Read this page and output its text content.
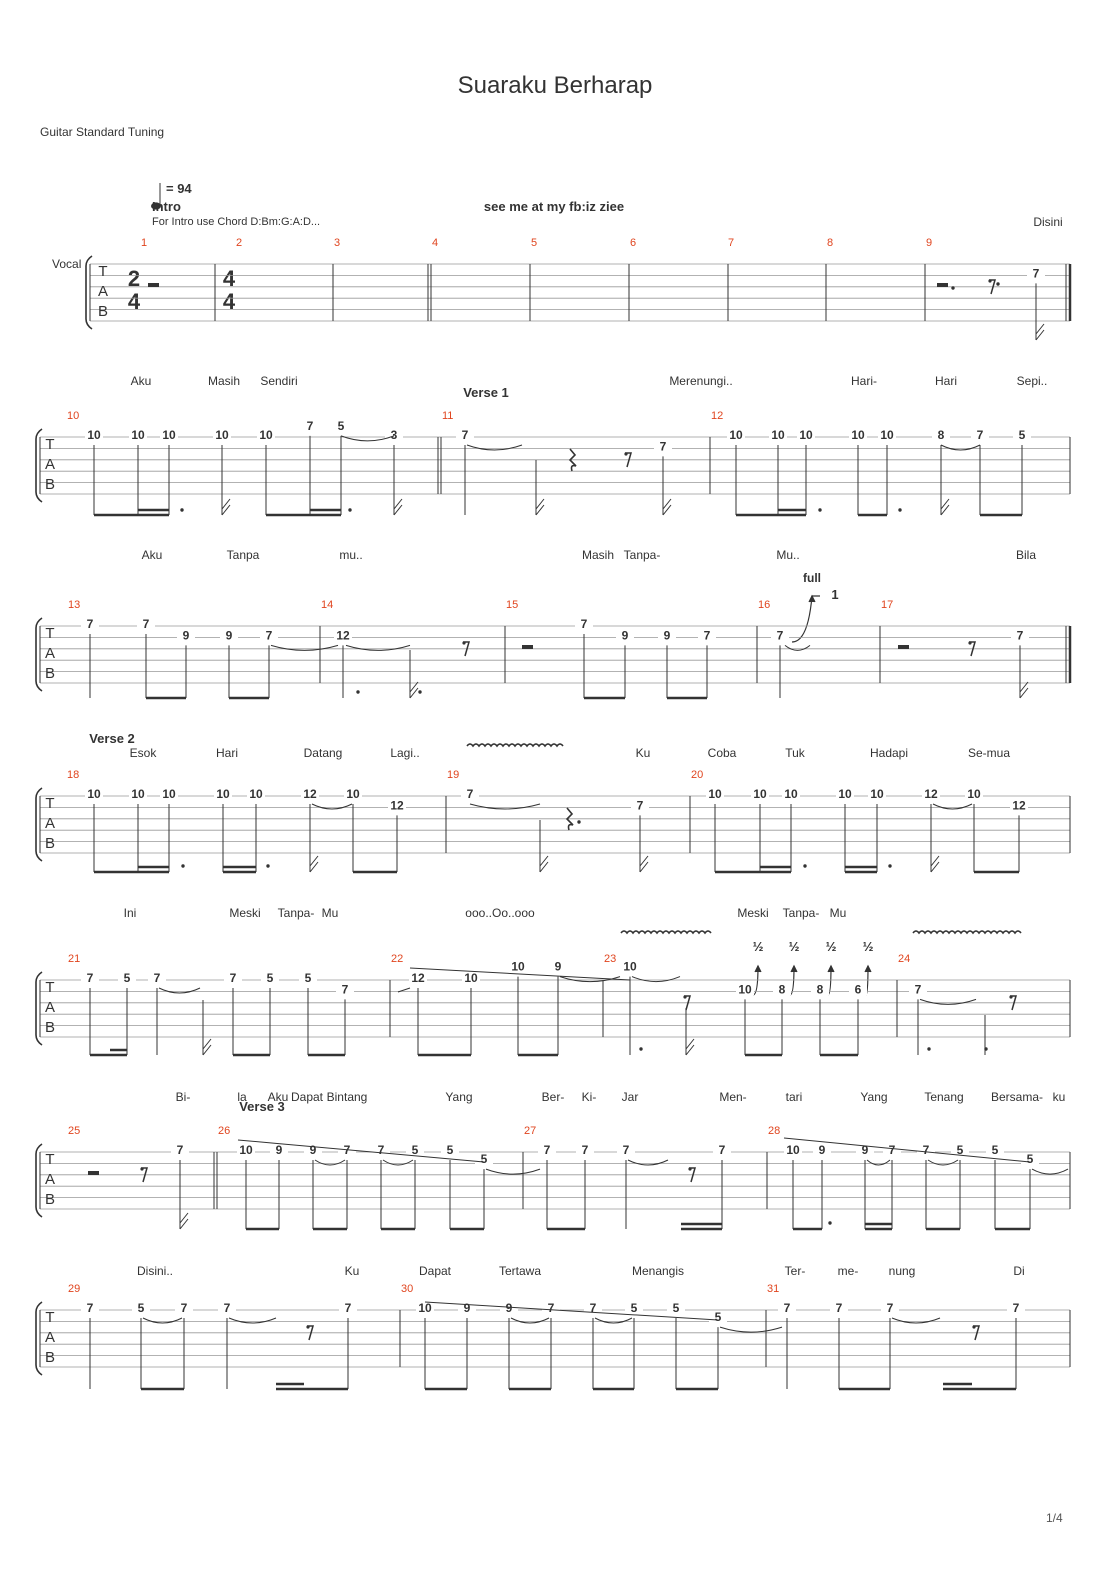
Suaraku Berharap
Guitar Standard Tuning
1/4
Vocal
= 94
Intro
For Intro use Chord D:Bm:G:A:D...
see me at my fb:iz ziee
2
4
4
4
T
A
B
1	2	3	4	5	6	7	8	9
Disini
7
Verse 1
T
A
B
10	11	12
Aku	Masih Sendiri	Merenungi..	Hari-	Hari	Sepi..
10	10 10	10	10
7 5
3	7
7
10 10 10	10 10	8	7	5
full
1
T
A
B
13	14	15	16	17
Aku	Tanpa	mu..	Masih Tanpa-	Mu..	Bila
7	7
9	9	7	12
7
9	9	7	7	7
Verse 2
T
A
B
18	19	20
Esok	Hari	Datang	Lagi..	Ku	Coba	Tuk	Hadapi	Se-mua
10	10 10	10 10	12 10
12
7
7
10	10 10	10 10	12 10
12
½ ½ ½ ½
T
A
B
21	22	23	24
Ini	Meski Tanpa- Mu	ooo..Oo..ooo	Meski Tanpa- Mu
7	5 7	7	5	5
7
12	10
10 9	10
10 8	8	6	7
Verse 3
T
A
B
25	26	27	28
Bi-	la Aku Dapat Bintang	Yang	Ber- Ki- Jar	Men-	tari	Yang	Tenang Bersama- ku
7	10 9 9	7 5 5
5
7	7	7	7	10 9	9 7 7 5 5
5
T
A
B
29	30	31
Disini..	Ku	Dapat	Tertawa	Menangis	Ter-	me-	nung	Di
7	5	7	7	7	10	9	9	7	7	5	5
5
7	7	7	7
